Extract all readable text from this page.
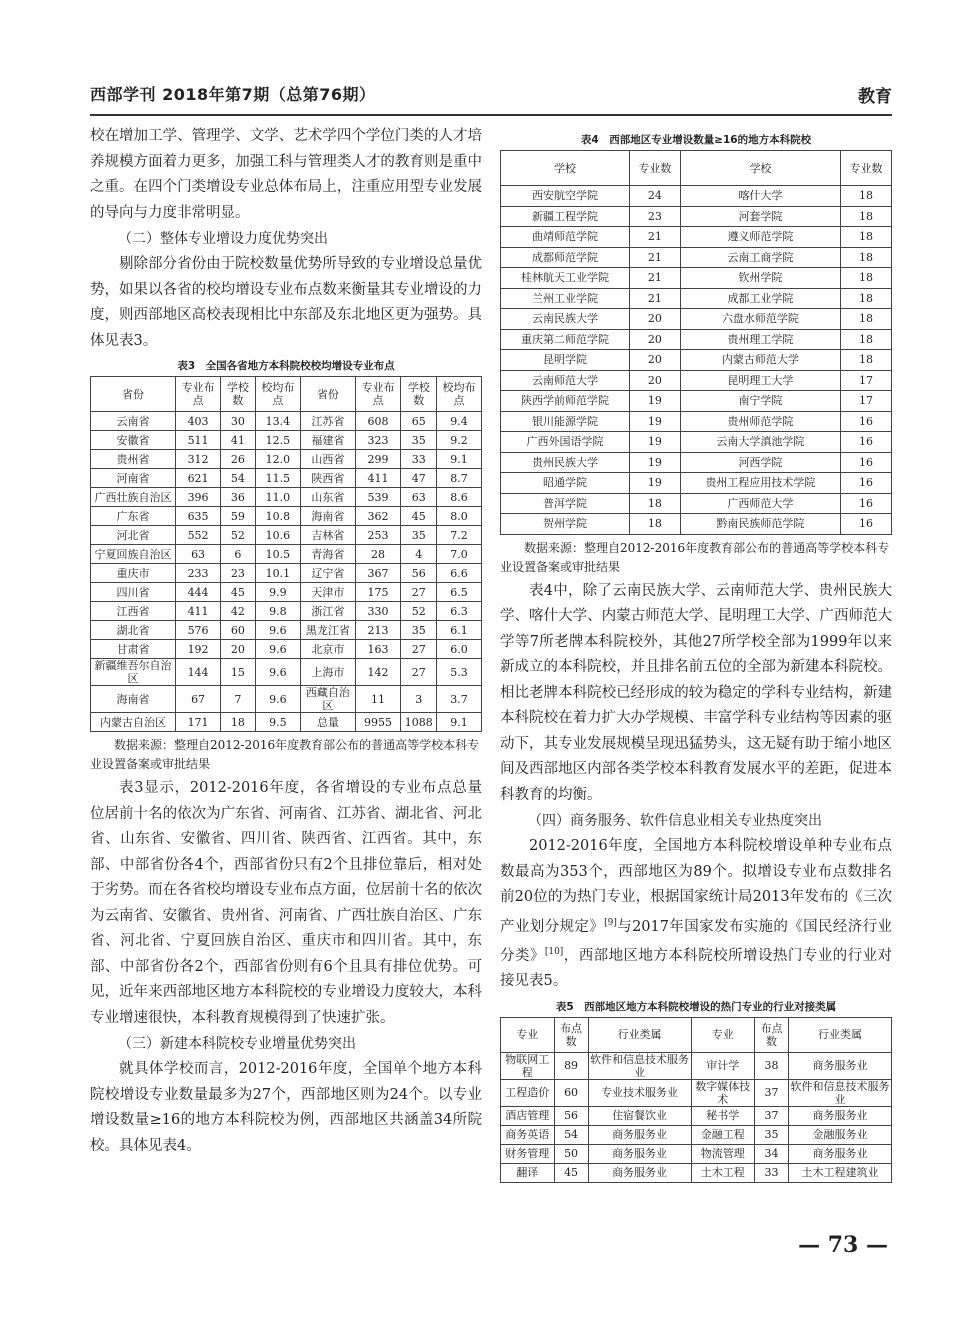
西部学刊 2018年第7期（总第76期）	教育

校在增加工学、管理学、文学、艺术学四个学位门类的人才培养规模方面着力更多，加强工科与管理类人才的教育则是重中之重。在四个门类增设专业总体布局上，注重应用型专业发展的导向与力度非常明显。

（二）整体专业增设力度优势突出

剔除部分省份由于院校数量优势所导致的专业增设总量优势，如果以各省的校均增设专业布点数来衡量其专业增设的力度，则西部地区高校表现相比中东部及东北地区更为强势。具体见表3。

表3　全国各省地方本科院校校均增设专业布点
省份	专业布点	学校数	校均布点	省份	专业布点	学校数	校均布点
云南省	403	30	13.4	江苏省	608	65	9.4
安徽省	511	41	12.5	福建省	323	35	9.2
贵州省	312	26	12.0	山西省	299	33	9.1
河南省	621	54	11.5	陕西省	411	47	8.7
广西壮族自治区	396	36	11.0	山东省	539	63	8.6
广东省	635	59	10.8	海南省	362	45	8.0
河北省	552	52	10.6	吉林省	253	35	7.2
宁夏回族自治区	63	6	10.5	青海省	28	4	7.0
重庆市	233	23	10.1	辽宁省	367	56	6.6
四川省	444	45	9.9	天津市	175	27	6.5
江西省	411	42	9.8	浙江省	330	52	6.3
湖北省	576	60	9.6	黑龙江省	213	35	6.1
甘肃省	192	20	9.6	北京市	163	27	6.0
新疆维吾尔自治区	144	15	9.6	上海市	142	27	5.3
海南省	67	7	9.6	西藏自治区	11	3	3.7
内蒙古自治区	171	18	9.5	总量	9955	1088	9.1

数据来源：整理自2012-2016年度教育部公布的普通高等学校本科专业设置备案或审批结果

表3显示，2012-2016年度，各省增设的专业布点总量位居前十名的依次为广东省、河南省、江苏省、湖北省、河北省、山东省、安徽省、四川省、陕西省、江西省。其中，东部、中部省份各4个，西部省份只有2个且排位靠后，相对处于劣势。而在各省校均增设专业布点方面，位居前十名的依次为云南省、安徽省、贵州省、河南省、广西壮族自治区、广东省、河北省、宁夏回族自治区、重庆市和四川省。其中，东部、中部省份各2个，西部省份则有6个且具有排位优势。可见，近年来西部地区地方本科院校的专业增设力度较大，本科专业增速很快，本科教育规模得到了快速扩张。

（三）新建本科院校专业增量优势突出

就具体学校而言，2012-2016年度，全国单个地方本科院校增设专业数量最多为27个，西部地区则为24个。以专业增设数量≥16的地方本科院校为例，西部地区共涵盖34所院校。具体见表4。

表4　西部地区专业增设数量≥16的地方本科院校
学校	专业数	学校	专业数
西安航空学院	24	喀什大学	18
新疆工程学院	23	河套学院	18
曲靖师范学院	21	遵义师范学院	18
成都师范学院	21	云南工商学院	18
桂林航天工业学院	21	钦州学院	18
兰州工业学院	21	成都工业学院	18
云南民族大学	20	六盘水师范学院	18
重庆第二师范学院	20	贵州理工学院	18
昆明学院	20	内蒙古师范大学	18
云南师范大学	20	昆明理工大学	17
陕西学前师范学院	19	南宁学院	17
银川能源学院	19	贵州师范学院	16
广西外国语学院	19	云南大学滇池学院	16
贵州民族大学	19	河西学院	16
昭通学院	19	贵州工程应用技术学院	16
普洱学院	18	广西师范大学	16
贺州学院	18	黔南民族师范学院	16

数据来源：整理自2012-2016年度教育部公布的普通高等学校本科专业设置备案或审批结果

表4中，除了云南民族大学、云南师范大学、贵州民族大学、喀什大学、内蒙古师范大学、昆明理工大学、广西师范大学等7所老牌本科院校外，其他27所学校全部为1999年以来新成立的本科院校，并且排名前五位的全部为新建本科院校。相比老牌本科院校已经形成的较为稳定的学科专业结构，新建本科院校在着力扩大办学规模、丰富学科专业结构等因素的驱动下，其专业发展规模呈现迅猛势头，这无疑有助于缩小地区间及西部地区内部各类学校本科教育发展水平的差距，促进本科教育的均衡。

（四）商务服务、软件信息业相关专业热度突出

2012-2016年度，全国地方本科院校增设单种专业布点数最高为353个，西部地区为89个。拟增设专业布点数排名前20位的为热门专业，根据国家统计局2013年发布的《三次产业划分规定》[9]与2017年国家发布实施的《国民经济行业分类》[10]，西部地区地方本科院校所增设热门专业的行业对接见表5。

表5　西部地区地方本科院校增设的热门专业的行业对接类属
专业	布点数	行业类属	专业	布点数	行业类属
物联网工程	89	软件和信息技术服务业	审计学	38	商务服务业
工程造价	60	专业技术服务业	数字媒体技术	37	软件和信息技术服务业
酒店管理	56	住宿餐饮业	秘书学	37	商务服务业
商务英语	54	商务服务业	金融工程	35	金融服务业
财务管理	50	商务服务业	物流管理	34	商务服务业
翻译	45	商务服务业	土木工程	33	土木工程建筑业
— 73 —
